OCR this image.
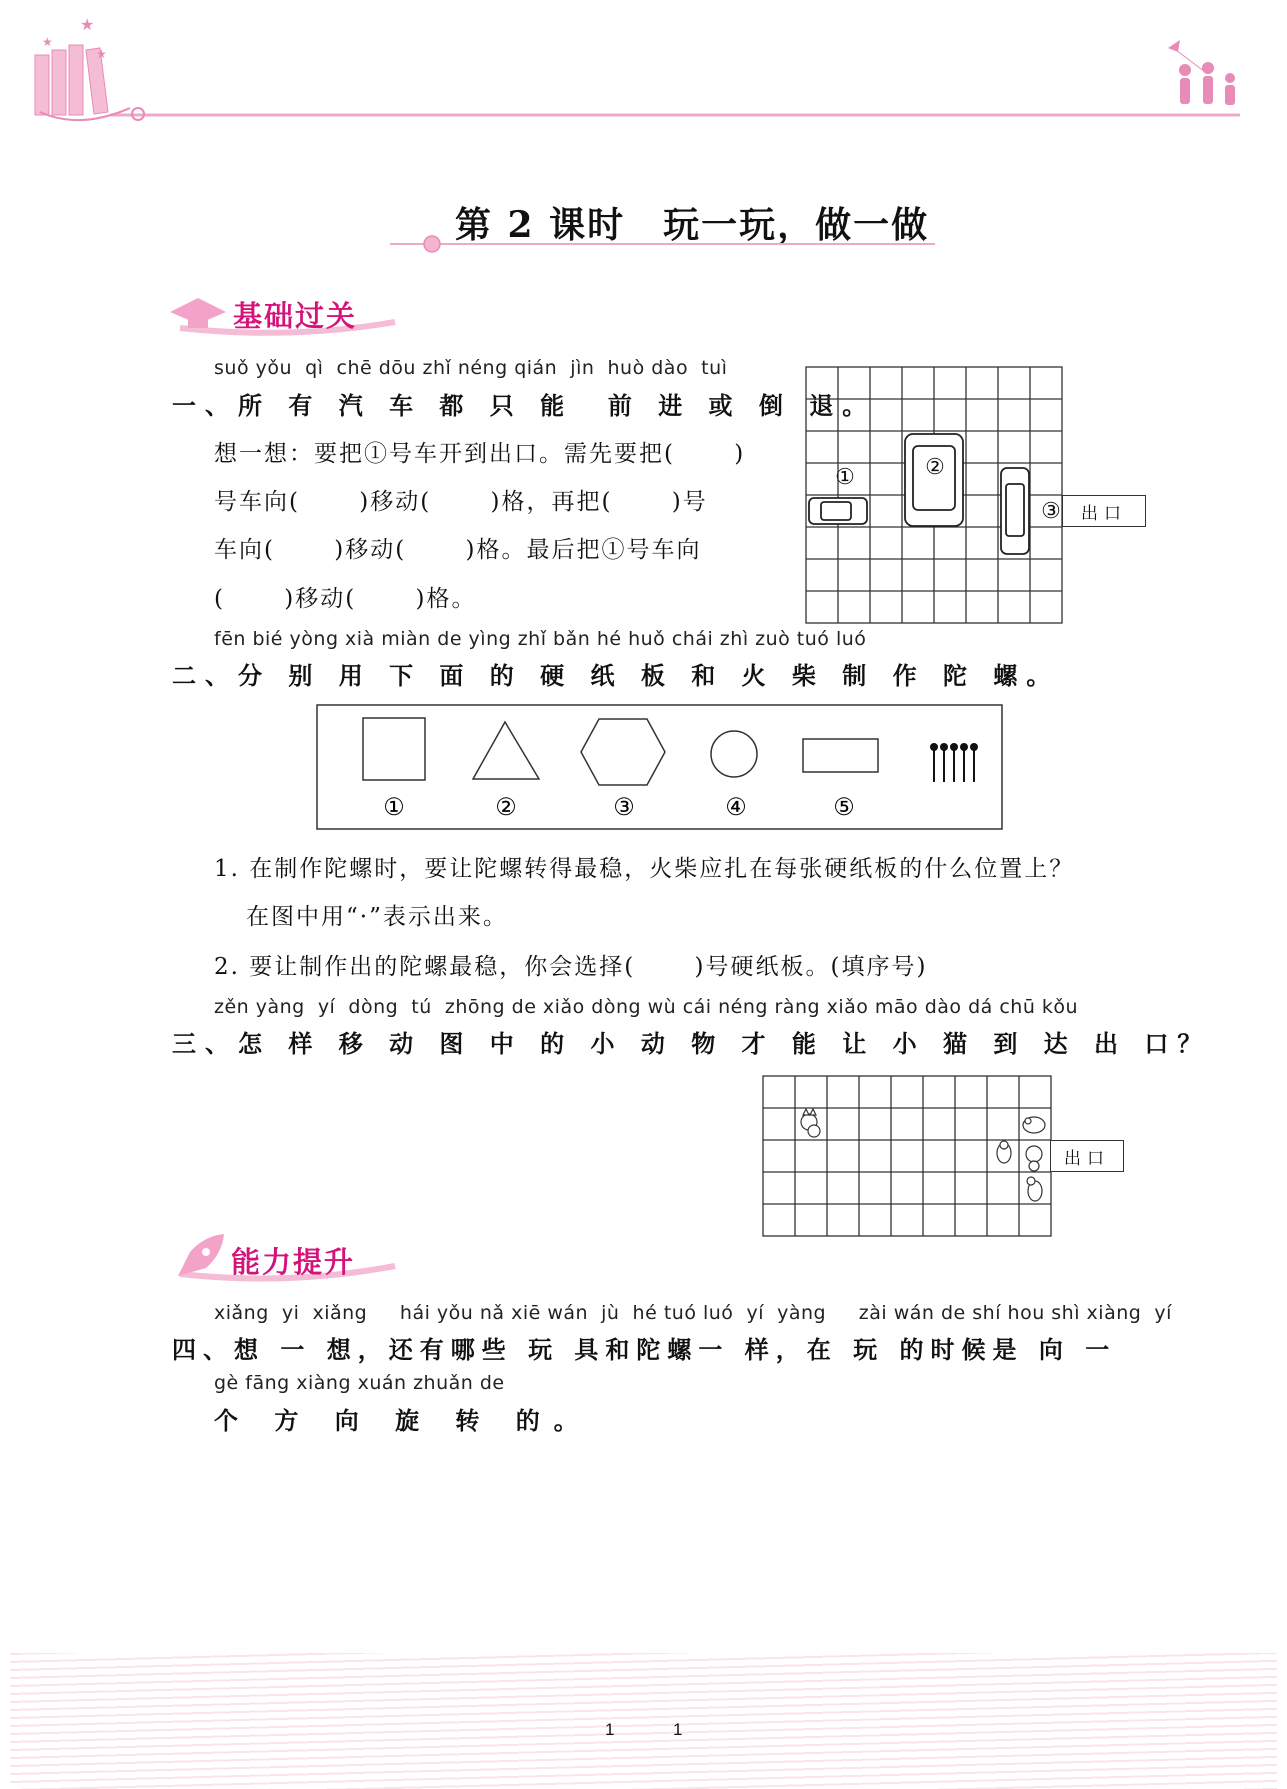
★
★
★
第 2 课时　玩一玩，做一做
基础过关
suǒ yǒu  qì  chē dōu zhǐ néng qián  jìn  huò dào  tuì
一、所 有 汽 车 都 只 能  前 进 或 倒 退。
想一想：要把①号车开到出口。需先要把(　　 )
号车向(　　 )移动(　　 )格，再把(　　 )号
车向(　　 )移动(　　 )格。最后把①号车向
(　　 )移动(　　 )格。
①	②
③	出口
fēn bié yòng xià miàn de yìng zhǐ bǎn hé huǒ chái zhì zuò tuó luó
二、分 别 用 下 面 的 硬 纸 板 和 火 柴 制 作 陀 螺。
①	②	③	④	⑤
1. 在制作陀螺时，要让陀螺转得最稳，火柴应扎在每张硬纸板的什么位置上？
在图中用“·”表示出来。
2. 要让制作出的陀螺最稳，你会选择(　　 )号硬纸板。(填序号)
zěn yàng  yí  dòng  tú  zhōng de xiǎo dòng wù cái néng ràng xiǎo māo dào dá chū kǒu
三、怎 样 移 动 图 中 的 小 动 物 才 能 让 小 猫 到 达 出 口？
出口
能力提升
xiǎng  yi  xiǎng     hái yǒu nǎ xiē wán  jù  hé tuó luó  yí  yàng     zài wán de shí hou shì xiàng  yí
四、想 一 想，还有哪些 玩 具和陀螺一 样，在 玩 的时候是 向 一
gè fāng xiàng xuán zhuǎn de
个 方 向 旋 转 的。
1	1
